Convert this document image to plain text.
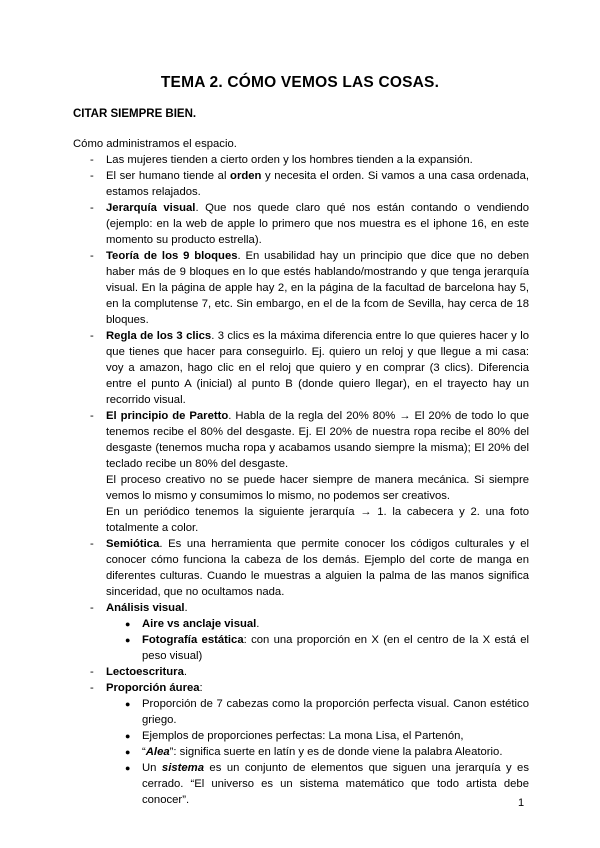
TEMA 2. CÓMO VEMOS LAS COSAS.
CITAR SIEMPRE BIEN.

Cómo administramos el espacio.

- Las mujeres tienden a cierto orden y los hombres tienden a la expansión.
- El ser humano tiende al orden y necesita el orden. Si vamos a una casa ordenada, estamos relajados.
- Jerarquía visual. Que nos quede claro qué nos están contando o vendiendo (ejemplo: en la web de apple lo primero que nos muestra es el iphone 16, en este momento su producto estrella).
- Teoría de los 9 bloques. En usabilidad hay un principio que dice que no deben haber más de 9 bloques en lo que estés hablando/mostrando y que tenga jerarquía visual. En la página de apple hay 2, en la página de la facultad de barcelona hay 5, en la complutense 7, etc. Sin embargo, en el de la fcom de Sevilla, hay cerca de 18 bloques.
- Regla de los 3 clics. 3 clics es la máxima diferencia entre lo que quieres hacer y lo que tienes que hacer para conseguirlo. Ej. quiero un reloj y que llegue a mi casa: voy a amazon, hago clic en el reloj que quiero y en comprar (3 clics). Diferencia entre el punto A (inicial) al punto B (donde quiero llegar), en el trayecto hay un recorrido visual.
- El principio de Paretto. Habla de la regla del 20% 80% → El 20% de todo lo que tenemos recibe el 80% del desgaste. Ej. El 20% de nuestra ropa recibe el 80% del desgaste (tenemos mucha ropa y acabamos usando siempre la misma); El 20% del teclado recibe un 80% del desgaste.

El proceso creativo no se puede hacer siempre de manera mecánica. Si siempre vemos lo mismo y consumimos lo mismo, no podemos ser creativos.

En un periódico tenemos la siguiente jerarquía → 1. la cabecera y 2. una foto totalmente a color.

- Semiótica. Es una herramienta que permite conocer los códigos culturales y el conocer cómo funciona la cabeza de los demás. Ejemplo del corte de manga en diferentes culturas. Cuando le muestras a alguien la palma de las manos significa sinceridad, que no ocultamos nada.
- Análisis visual.
● Aire vs anclaje visual.
● Fotografía estática: con una proporción en X (en el centro de la X está el peso visual)
- Lectoescritura.
- Proporción áurea:
● Proporción de 7 cabezas como la proporción perfecta visual. Canon estético griego.
● Ejemplos de proporciones perfectas: La mona Lisa, el Partenón,
● “Alea”: significa suerte en latín y es de donde viene la palabra Aleatorio.
● Un sistema es un conjunto de elementos que siguen una jerarquía y es cerrado. “El universo es un sistema matemático que todo artista debe conocer”.	1
